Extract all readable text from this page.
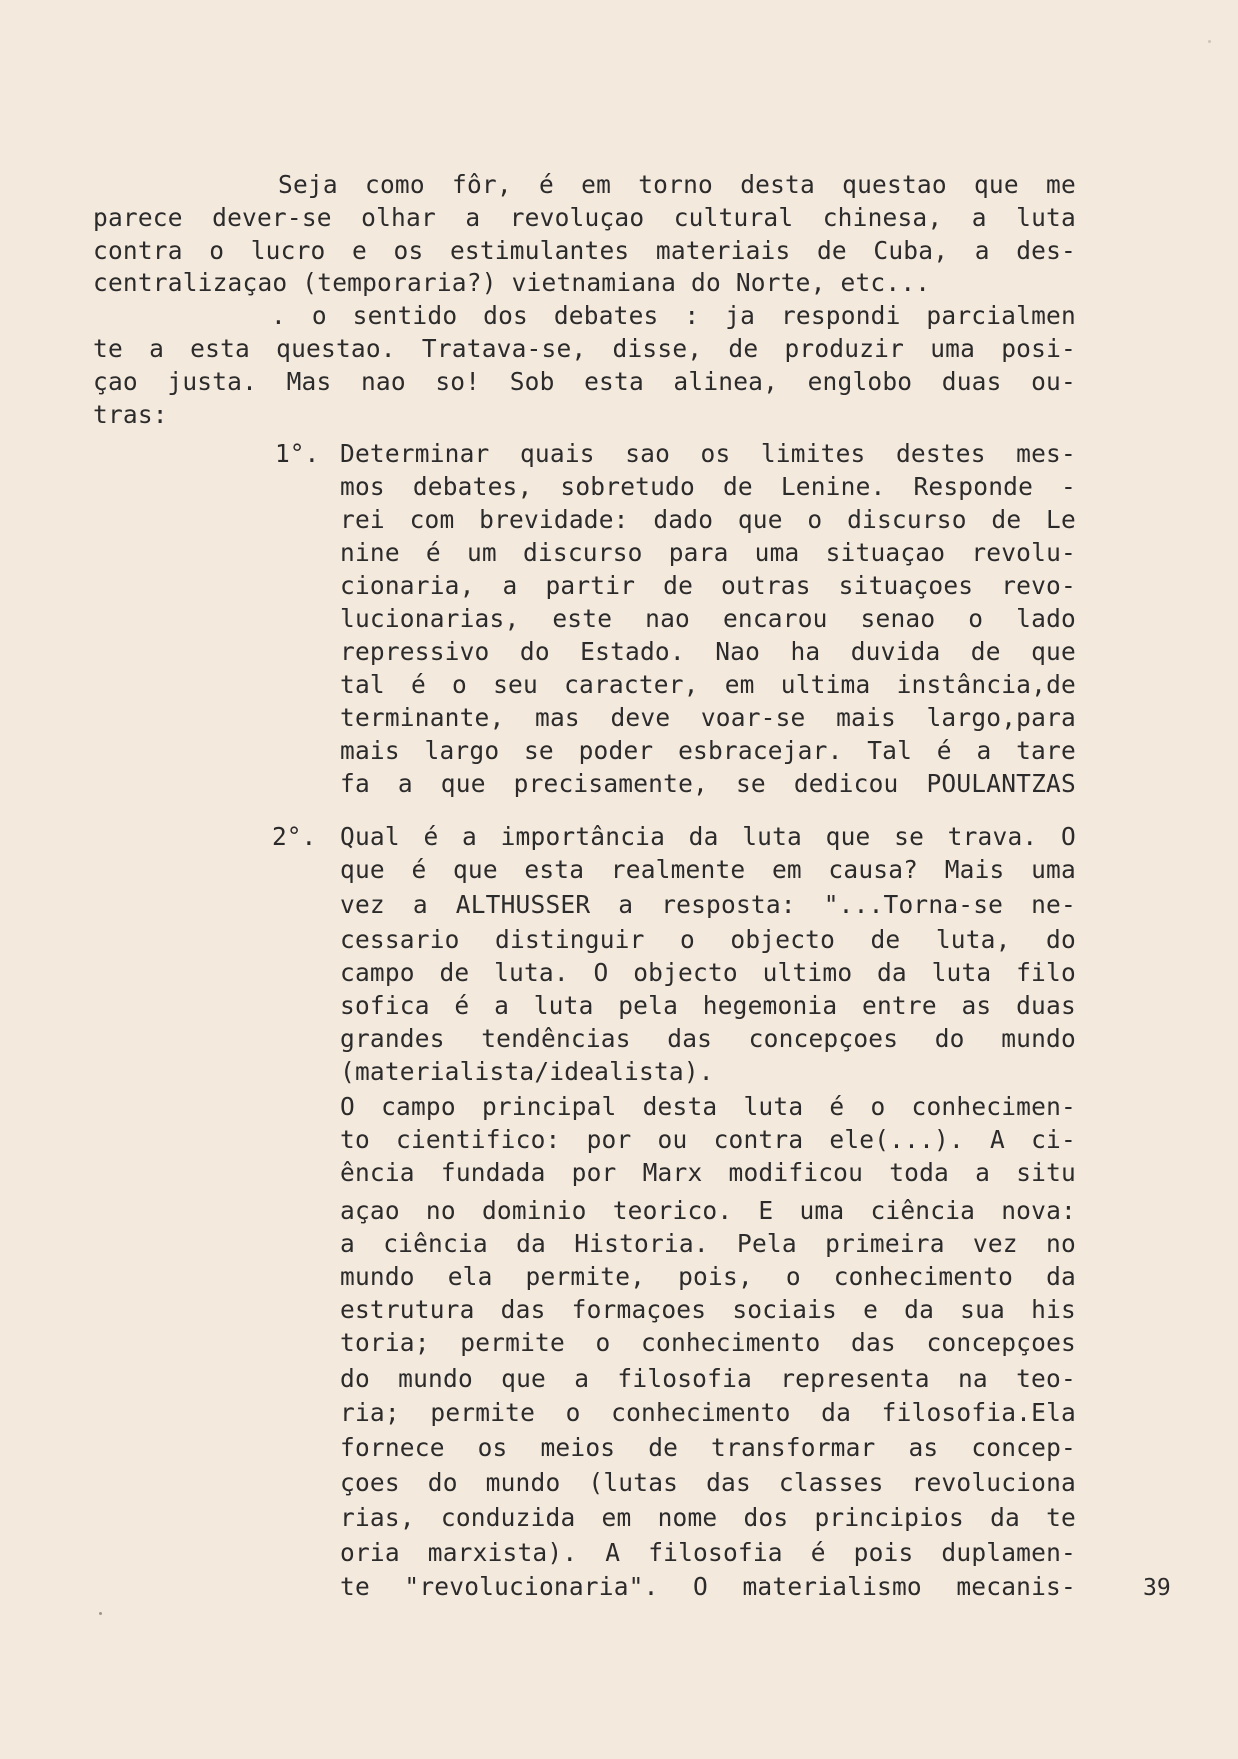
39
Seja como fôr, é em torno desta questao que me
parece dever-se olhar a revoluçao cultural chinesa, a luta
contra o lucro e os estimulantes materiais de Cuba, a des-
centralizaçao (temporaria?) vietnamiana do Norte, etc...
. o sentido dos debates : ja respondi parcialmen
te a esta questao. Tratava-se, disse, de produzir uma posi-
çao justa. Mas nao so! Sob esta alinea, englobo duas ou-
tras:
Determinar quais sao os limites destes mes-
mos debates, sobretudo de Lenine. Responde -
rei com brevidade: dado que o discurso de Le
nine é um discurso para uma situaçao revolu-
cionaria, a partir de outras situaçoes revo-
lucionarias, este nao encarou senao o lado
repressivo do Estado. Nao ha duvida de que
tal é o seu caracter, em ultima instância,de
terminante, mas deve voar-se mais largo,para
mais largo se poder esbracejar. Tal é a tare
fa a que precisamente, se dedicou POULANTZAS
Qual é a importância da luta que se trava. O
que é que esta realmente em causa? Mais uma
vez a ALTHUSSER a resposta: "...Torna-se ne-
cessario distinguir o objecto de luta, do
campo de luta. O objecto ultimo da luta filo
sofica é a luta pela hegemonia entre as duas
grandes tendências das concepçoes do mundo
(materialista/idealista).
O campo principal desta luta é o conhecimen-
to cientifico: por ou contra ele(...). A ci-
ência fundada por Marx modificou toda a situ
açao no dominio teorico. E uma ciência nova:
a ciência da Historia. Pela primeira vez no
mundo ela permite, pois, o conhecimento da
estrutura das formaçoes sociais e da sua his
toria; permite o conhecimento das concepçoes
do mundo que a filosofia representa na teo-
ria; permite o conhecimento da filosofia.Ela
fornece os meios de transformar as concep-
çoes do mundo (lutas das classes revoluciona
rias, conduzida em nome dos principios da te
oria marxista). A filosofia é pois duplamen-
te "revolucionaria". O materialismo mecanis-
1°.
2°.
